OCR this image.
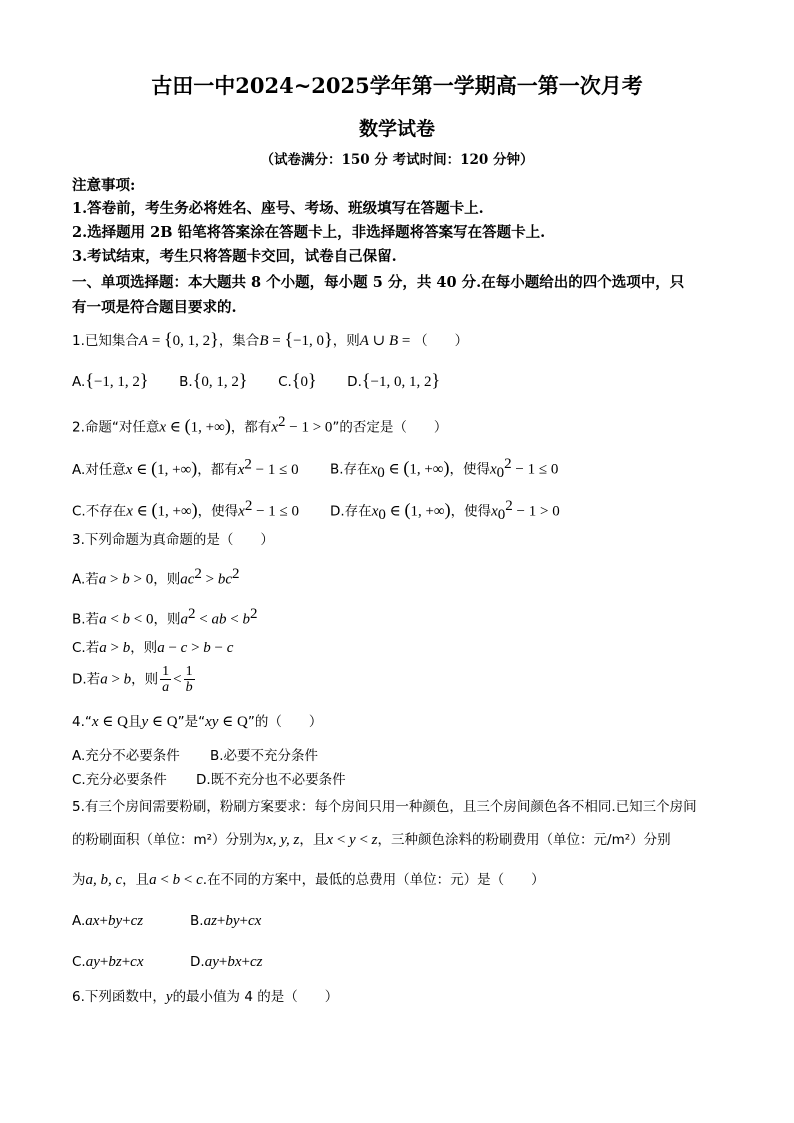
古田一中2024~2025学年第一学期高一第一次月考
数学试卷
（试卷满分：150 分 考试时间：120 分钟）
注意事项:
1.答卷前，考生务必将姓名、座号、考场、班级填写在答题卡上.
2.选择题用 2B 铅笔将答案涂在答题卡上，非选择题将答案写在答题卡上.
3.考试结束，考生只将答题卡交回，试卷自己保留.
一、单项选择题：本大题共 8 个小题，每小题 5 分，共 40 分.在每小题给出的四个选项中，只
有一项是符合题目要求的.
1.已知集合A = {0, 1, 2}，集合B = {−1, 0}，则A ∪ B = （　　）
A.{−1, 1, 2} B.{0, 1, 2} C.{0} D.{−1, 0, 1, 2}
2.命题“对任意x ∈ (1, +∞)，都有$x^2 - 1 > 0$”的否定是（　　）
A.对任意x ∈ (1, +∞)，都有$x^2 - 1 \le 0$ B.存在$x_0$ ∈ (1, +∞)，使得$x_0^2 - 1 \le 0$
C.不存在x ∈ (1, +∞)，使得$x^2 - 1 \le 0$ D.存在$x_0$ ∈ (1, +∞)，使得$x_0^2 - 1 > 0$
3.下列命题为真命题的是（　　）
A.若a > b > 0，则$ac^2 > bc^2$
B.若a < b < 0，则$a^2$ < ab < $b^2$
C.若a > b，则a − c > b − c
D.若a > b，则 $\frac{1}{a} < \frac{1}{b}$
4.“x ∈ Q且y ∈ Q”是“xy ∈ Q”的（　　）
A.充分不必要条件 B.必要不充分条件
C.充分必要条件 D.既不充分也不必要条件
5.有三个房间需要粉刷，粉刷方案要求：每个房间只用一种颜色，且三个房间颜色各不相同.已知三个房间
的粉刷面积（单位：m²）分别为x, y, z，且x < y < z，三种颜色涂料的粉刷费用（单位：元/m²）分别
为a, b, c，且a < b < c.在不同的方案中，最低的总费用（单位：元）是（　　）
A.ax+by+cz	B.az+by+cx
C.ay+bz+cx	D.ay+bx+cz
6.下列函数中，y的最小值为 4 的是（　　）
